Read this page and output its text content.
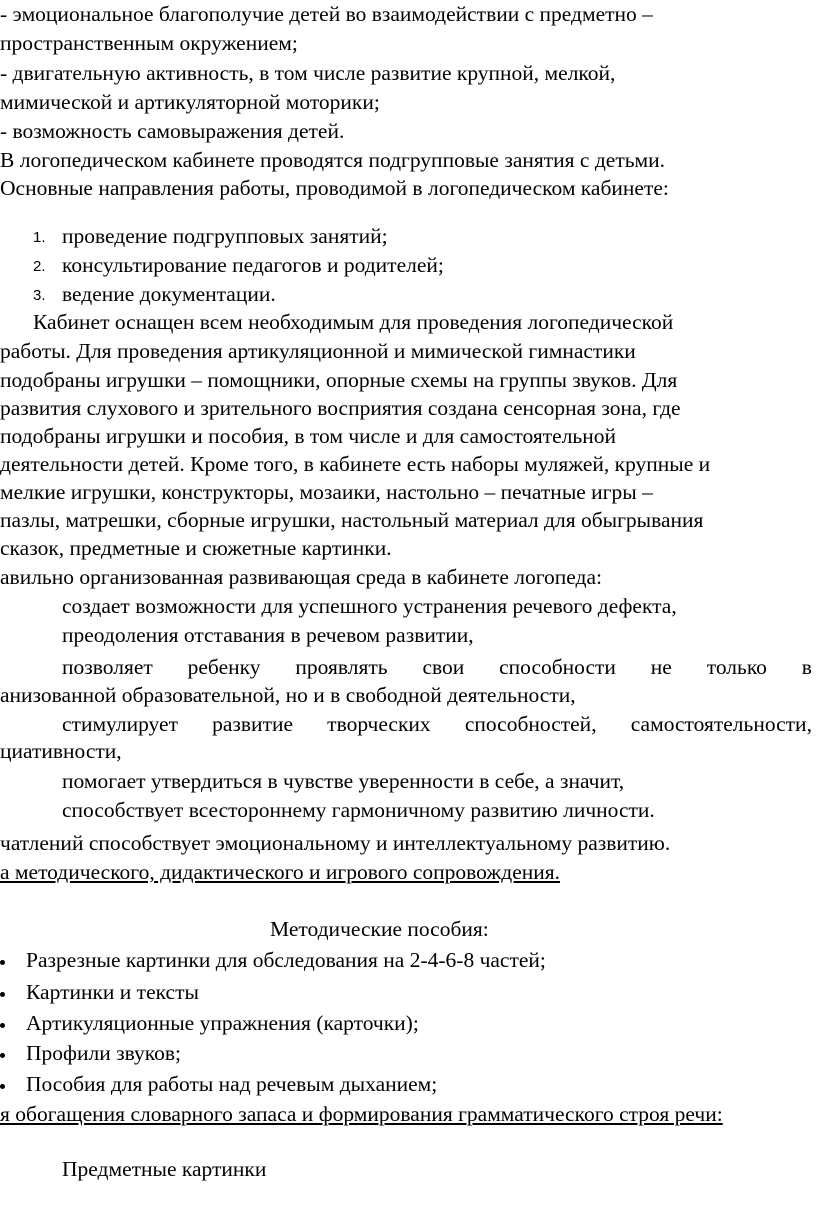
- эмоциональное благополучие детей во взаимодействии с предметно –
пространственным окружением;
- двигательную активность, в том числе развитие крупной, мелкой,
мимической и артикуляторной моторики;
- возможность самовыражения детей.
В логопедическом кабинете проводятся подгрупповые занятия с детьми.
Основные направления работы, проводимой в логопедическом кабинете:
1. проведение подгрупповых занятий;
2. консультирование педагогов и родителей;
3. ведение документации.
Кабинет оснащен всем необходимым для проведения логопедической
работы. Для проведения артикуляционной и мимической гимнастики
подобраны игрушки – помощники, опорные схемы на группы звуков. Для
развития слухового и зрительного восприятия создана сенсорная зона, где
подобраны игрушки и пособия, в том числе и для самостоятельной
деятельности детей. Кроме того, в кабинете есть наборы муляжей, крупные и
мелкие игрушки, конструкторы, мозаики, настольно – печатные игры –
пазлы, матрешки, сборные игрушки, настольный материал для обыгрывания
сказок, предметные и сюжетные картинки.
авильно организованная развивающая среда в кабинете логопеда:
создает возможности для успешного устранения речевого дефекта,
преодоления отставания в речевом развитии,
позволяет ребенку проявлять свои способности не только в
анизованной образовательной, но и в свободной деятельности,
стимулирует развитие творческих способностей, самостоятельности,
циативности,
помогает утвердиться в чувстве уверенности в себе, а значит,
способствует всестороннему гармоничному развитию личности.
чатлений способствует эмоциональному и интеллектуальному развитию.
а методического, дидактического и игрового сопровождения.
Методические пособия:
Разрезные картинки для обследования на 2-4-6-8 частей;
Картинки и тексты
Артикуляционные упражнения (карточки);
Профили звуков;
Пособия для работы над речевым дыханием;
я обогащения словарного запаса и формирования грамматического строя речи:
Предметные картинки
